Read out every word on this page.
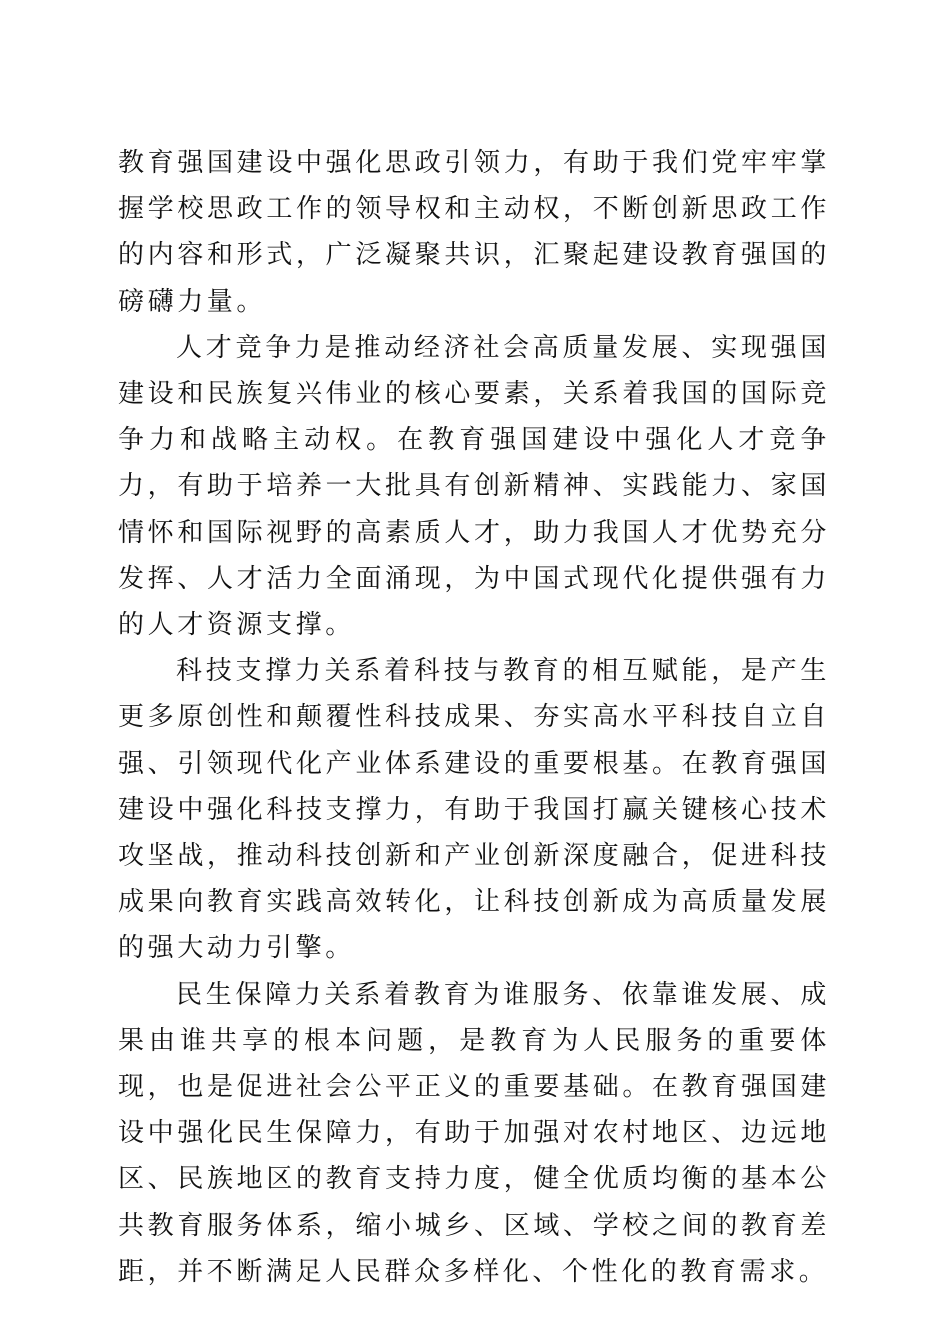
教育强国建设中强化思政引领力，有助于我们党牢牢掌握学校思政工作的领导权和主动权，不断创新思政工作的内容和形式，广泛凝聚共识，汇聚起建设教育强国的磅礴力量。

人才竞争力是推动经济社会高质量发展、实现强国建设和民族复兴伟业的核心要素，关系着我国的国际竞争力和战略主动权。在教育强国建设中强化人才竞争力，有助于培养一大批具有创新精神、实践能力、家国情怀和国际视野的高素质人才，助力我国人才优势充分发挥、人才活力全面涌现，为中国式现代化提供强有力的人才资源支撑。

科技支撑力关系着科技与教育的相互赋能，是产生更多原创性和颠覆性科技成果、夯实高水平科技自立自强、引领现代化产业体系建设的重要根基。在教育强国建设中强化科技支撑力，有助于我国打赢关键核心技术攻坚战，推动科技创新和产业创新深度融合，促进科技成果向教育实践高效转化，让科技创新成为高质量发展的强大动力引擎。

民生保障力关系着教育为谁服务、依靠谁发展、成果由谁共享的根本问题，是教育为人民服务的重要体现，也是促进社会公平正义的重要基础。在教育强国建设中强化民生保障力，有助于加强对农村地区、边远地区、民族地区的教育支持力度，健全优质均衡的基本公共教育服务体系，缩小城乡、区域、学校之间的教育差距，并不断满足人民群众多样化、个性化的教育需求。
